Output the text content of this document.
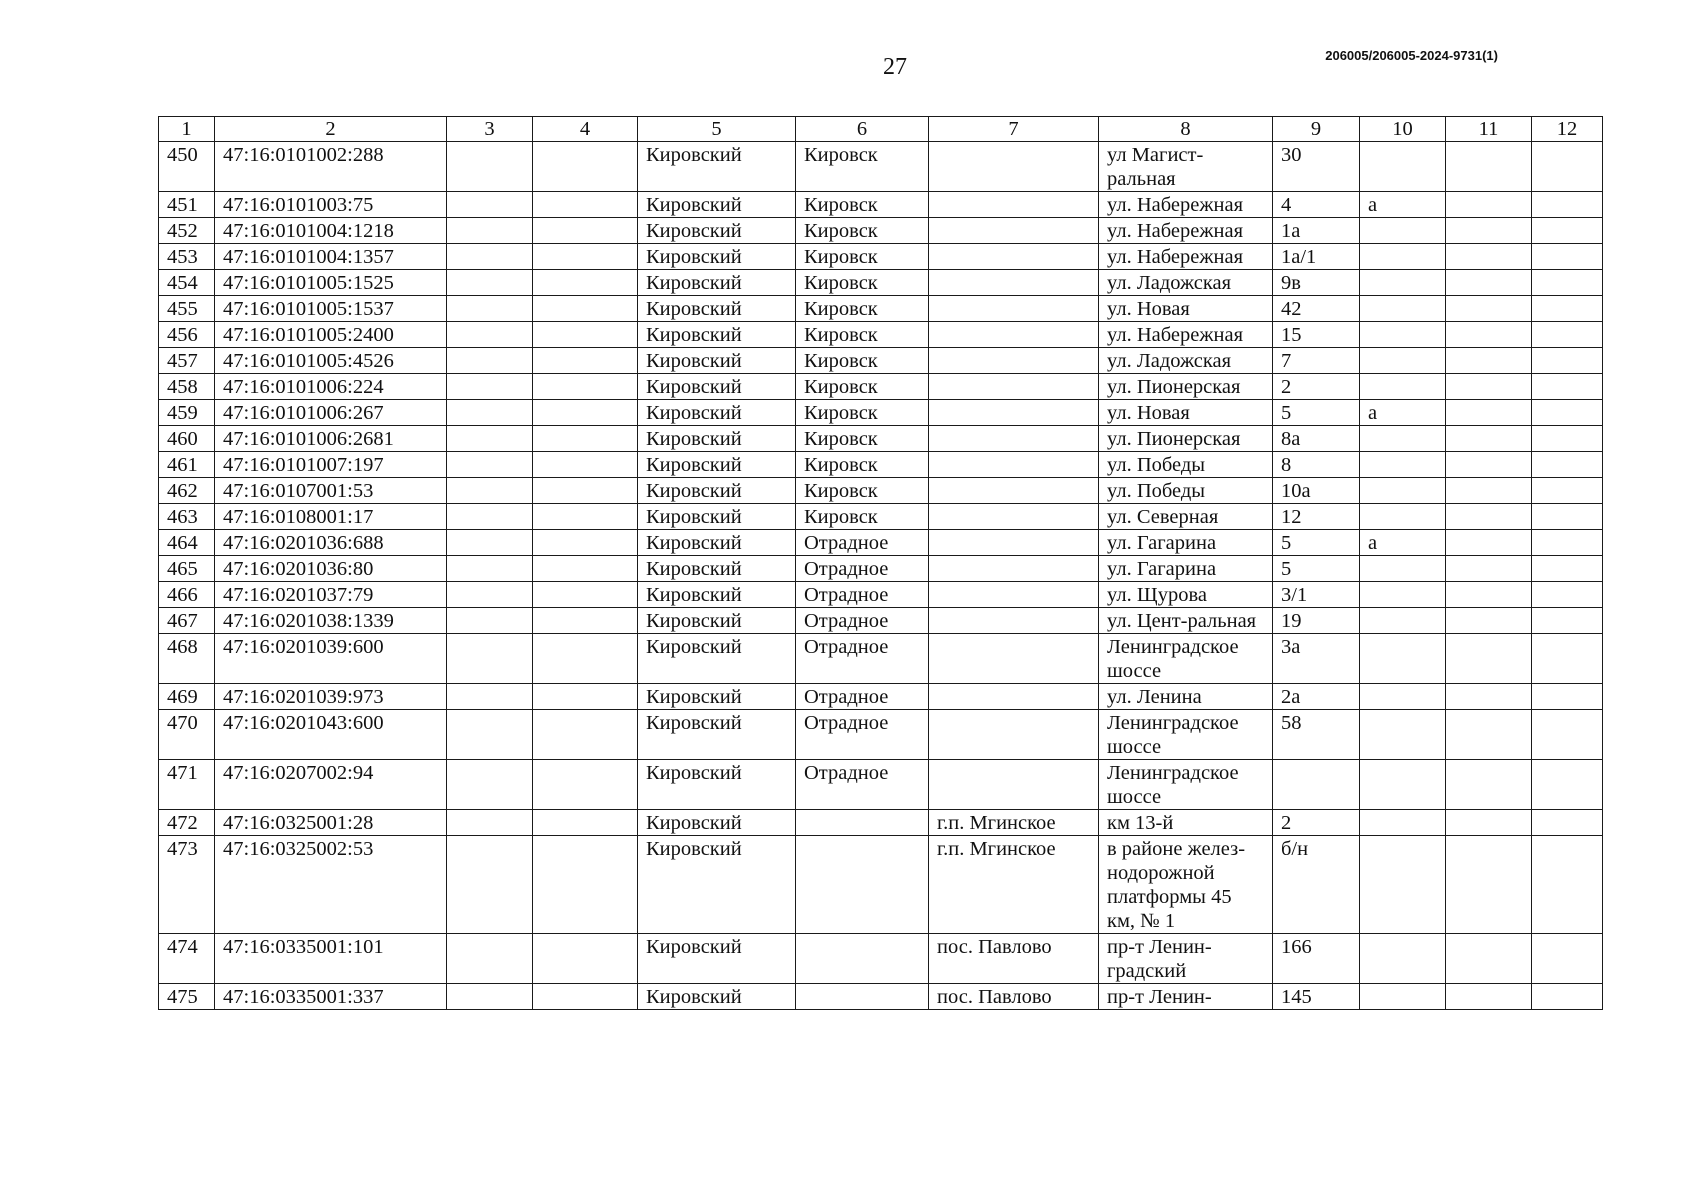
27	206005/206005-2024-9731(1)
1	2	3	4	5	6	7	8	9	10	11	12
450	47:16:0101002:288			Кировский	Кировск		ул Магист-ральная	30			
451	47:16:0101003:75			Кировский	Кировск		ул. Набережная	4	а		
452	47:16:0101004:1218			Кировский	Кировск		ул. Набережная	1а			
453	47:16:0101004:1357			Кировский	Кировск		ул. Набережная	1а/1			
454	47:16:0101005:1525			Кировский	Кировск		ул. Ладожская	9в			
455	47:16:0101005:1537			Кировский	Кировск		ул. Новая	42			
456	47:16:0101005:2400			Кировский	Кировск		ул. Набережная	15			
457	47:16:0101005:4526			Кировский	Кировск		ул. Ладожская	7			
458	47:16:0101006:224			Кировский	Кировск		ул. Пионерская	2			
459	47:16:0101006:267			Кировский	Кировск		ул. Новая	5	а		
460	47:16:0101006:2681			Кировский	Кировск		ул. Пионерская	8а			
461	47:16:0101007:197			Кировский	Кировск		ул. Победы	8			
462	47:16:0107001:53			Кировский	Кировск		ул. Победы	10а			
463	47:16:0108001:17			Кировский	Кировск		ул. Северная	12			
464	47:16:0201036:688			Кировский	Отрадное		ул. Гагарина	5	а		
465	47:16:0201036:80			Кировский	Отрадное		ул. Гагарина	5			
466	47:16:0201037:79			Кировский	Отрадное		ул. Щурова	3/1			
467	47:16:0201038:1339			Кировский	Отрадное		ул. Цент-ральная	19			
468	47:16:0201039:600			Кировский	Отрадное		Ленинградское шоссе	3а			
469	47:16:0201039:973			Кировский	Отрадное		ул. Ленина	2а			
470	47:16:0201043:600			Кировский	Отрадное		Ленинградское шоссе	58			
471	47:16:0207002:94			Кировский	Отрадное		Ленинградское шоссе				
472	47:16:0325001:28			Кировский		г.п. Мгинское	км 13-й	2			
473	47:16:0325002:53			Кировский		г.п. Мгинское	в районе желез-нодорожной платформы 45 км, № 1	б/н			
474	47:16:0335001:101			Кировский		пос. Павлово	пр-т Ленин-градский	166			
475	47:16:0335001:337			Кировский		пос. Павлово	пр-т Ленин-	145			
